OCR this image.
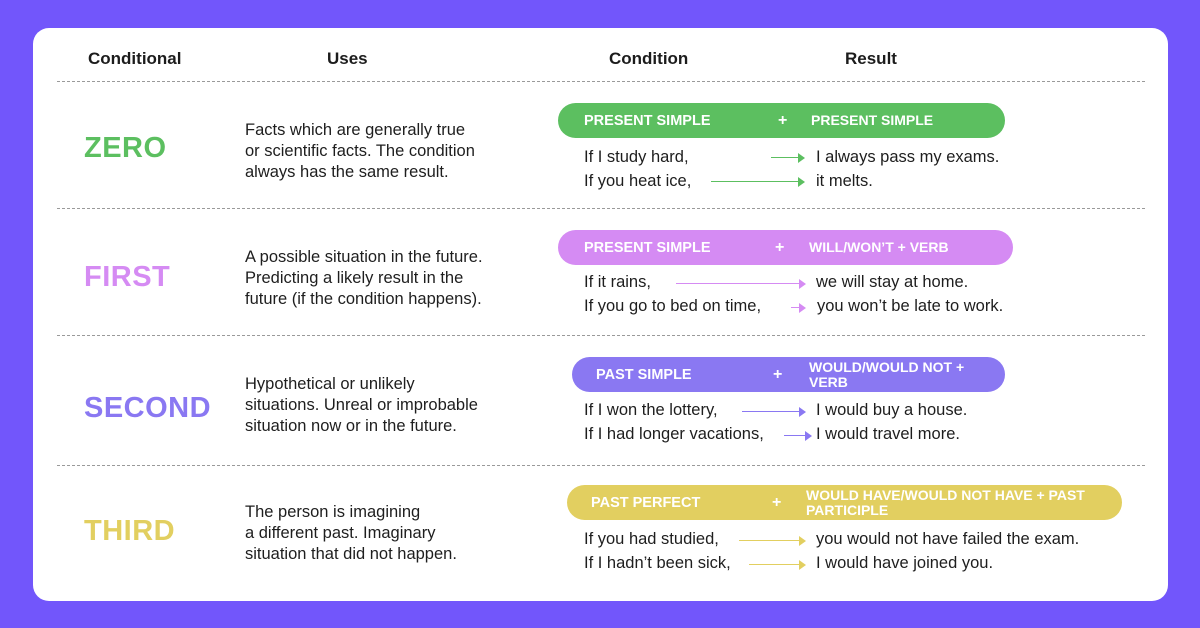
Conditional	Uses	Condition	Result
ZERO
Facts which are generally true
or scientific facts. The condition
always has the same result.
PRESENT SIMPLE	+ PRESENT SIMPLE
If I study hard,	I always pass my exams.
If you heat ice,	it melts.
FIRST
A possible situation in the future.
Predicting a likely result in the
future (if the condition happens).
PRESENT SIMPLE	+ WILL/WON’T + VERB
If it rains,	we will stay at home.
If you go to bed on time,	you won’t be late to work.
SECOND
Hypothetical or unlikely
situations. Unreal or improbable
situation now or in the future.
PAST SIMPLE	+ WOULD/WOULD NOT +
VERB
If I won the lottery,	I would buy a house.
If I had longer vacations,	I would travel more.
THIRD
The person is imagining
a different past. Imaginary
situation that did not happen.
PAST PERFECT	+ WOULD HAVE/WOULD NOT HAVE + PAST
PARTICIPLE
If you had studied,	you would not have failed the exam.
If I hadn’t been sick,	I would have joined you.
